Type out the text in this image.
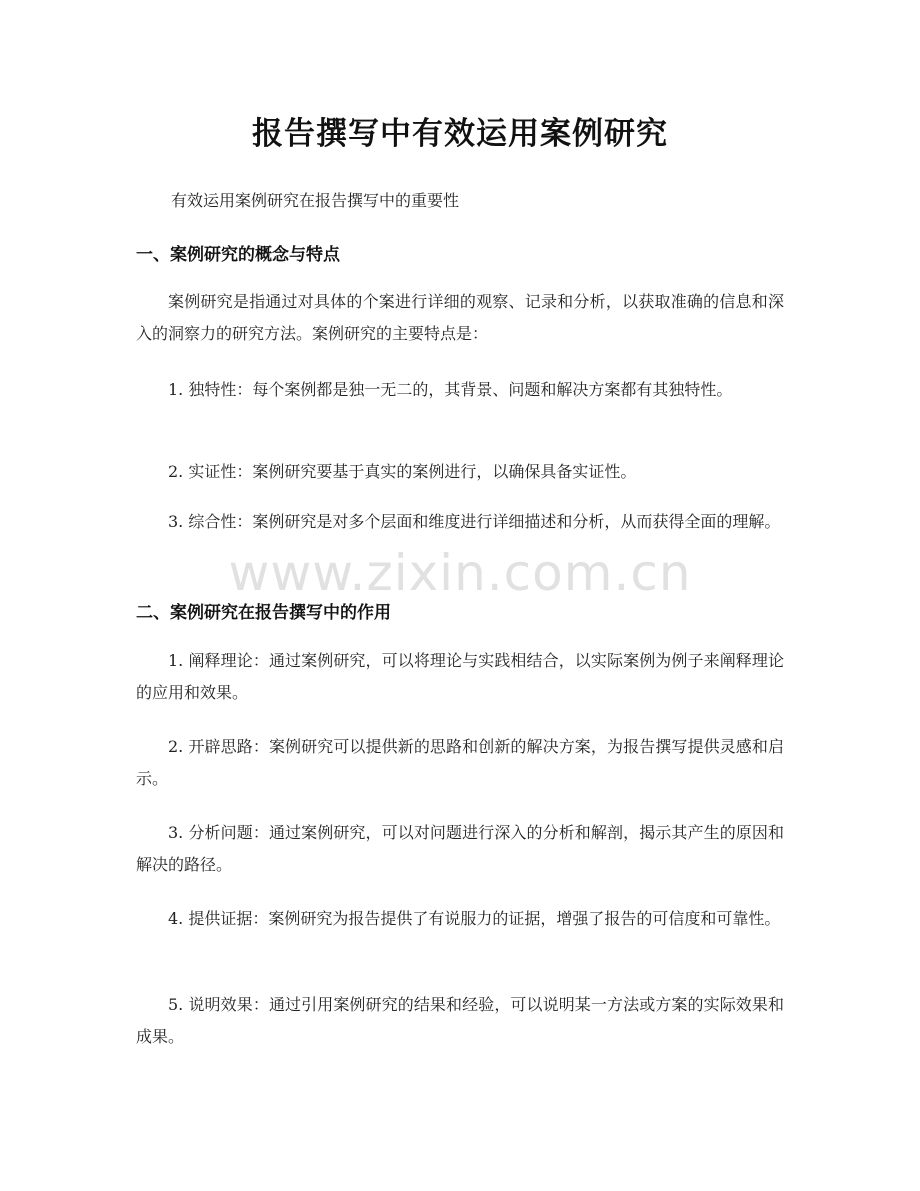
报告撰写中有效运用案例研究
有效运用案例研究在报告撰写中的重要性
一、案例研究的概念与特点
案例研究是指通过对具体的个案进行详细的观察、记录和分析，以获取准确的信息和深入的洞察力的研究方法。案例研究的主要特点是：
1. 独特性：每个案例都是独一无二的，其背景、问题和解决方案都有其独特性。
2. 实证性：案例研究要基于真实的案例进行，以确保具备实证性。
3. 综合性：案例研究是对多个层面和维度进行详细描述和分析，从而获得全面的理解。
二、案例研究在报告撰写中的作用
1. 阐释理论：通过案例研究，可以将理论与实践相结合，以实际案例为例子来阐释理论的应用和效果。
2. 开辟思路：案例研究可以提供新的思路和创新的解决方案，为报告撰写提供灵感和启示。
3. 分析问题：通过案例研究，可以对问题进行深入的分析和解剖，揭示其产生的原因和解决的路径。
4. 提供证据：案例研究为报告提供了有说服力的证据，增强了报告的可信度和可靠性。
5. 说明效果：通过引用案例研究的结果和经验，可以说明某一方法或方案的实际效果和成果。
www.zixin.com.cn
